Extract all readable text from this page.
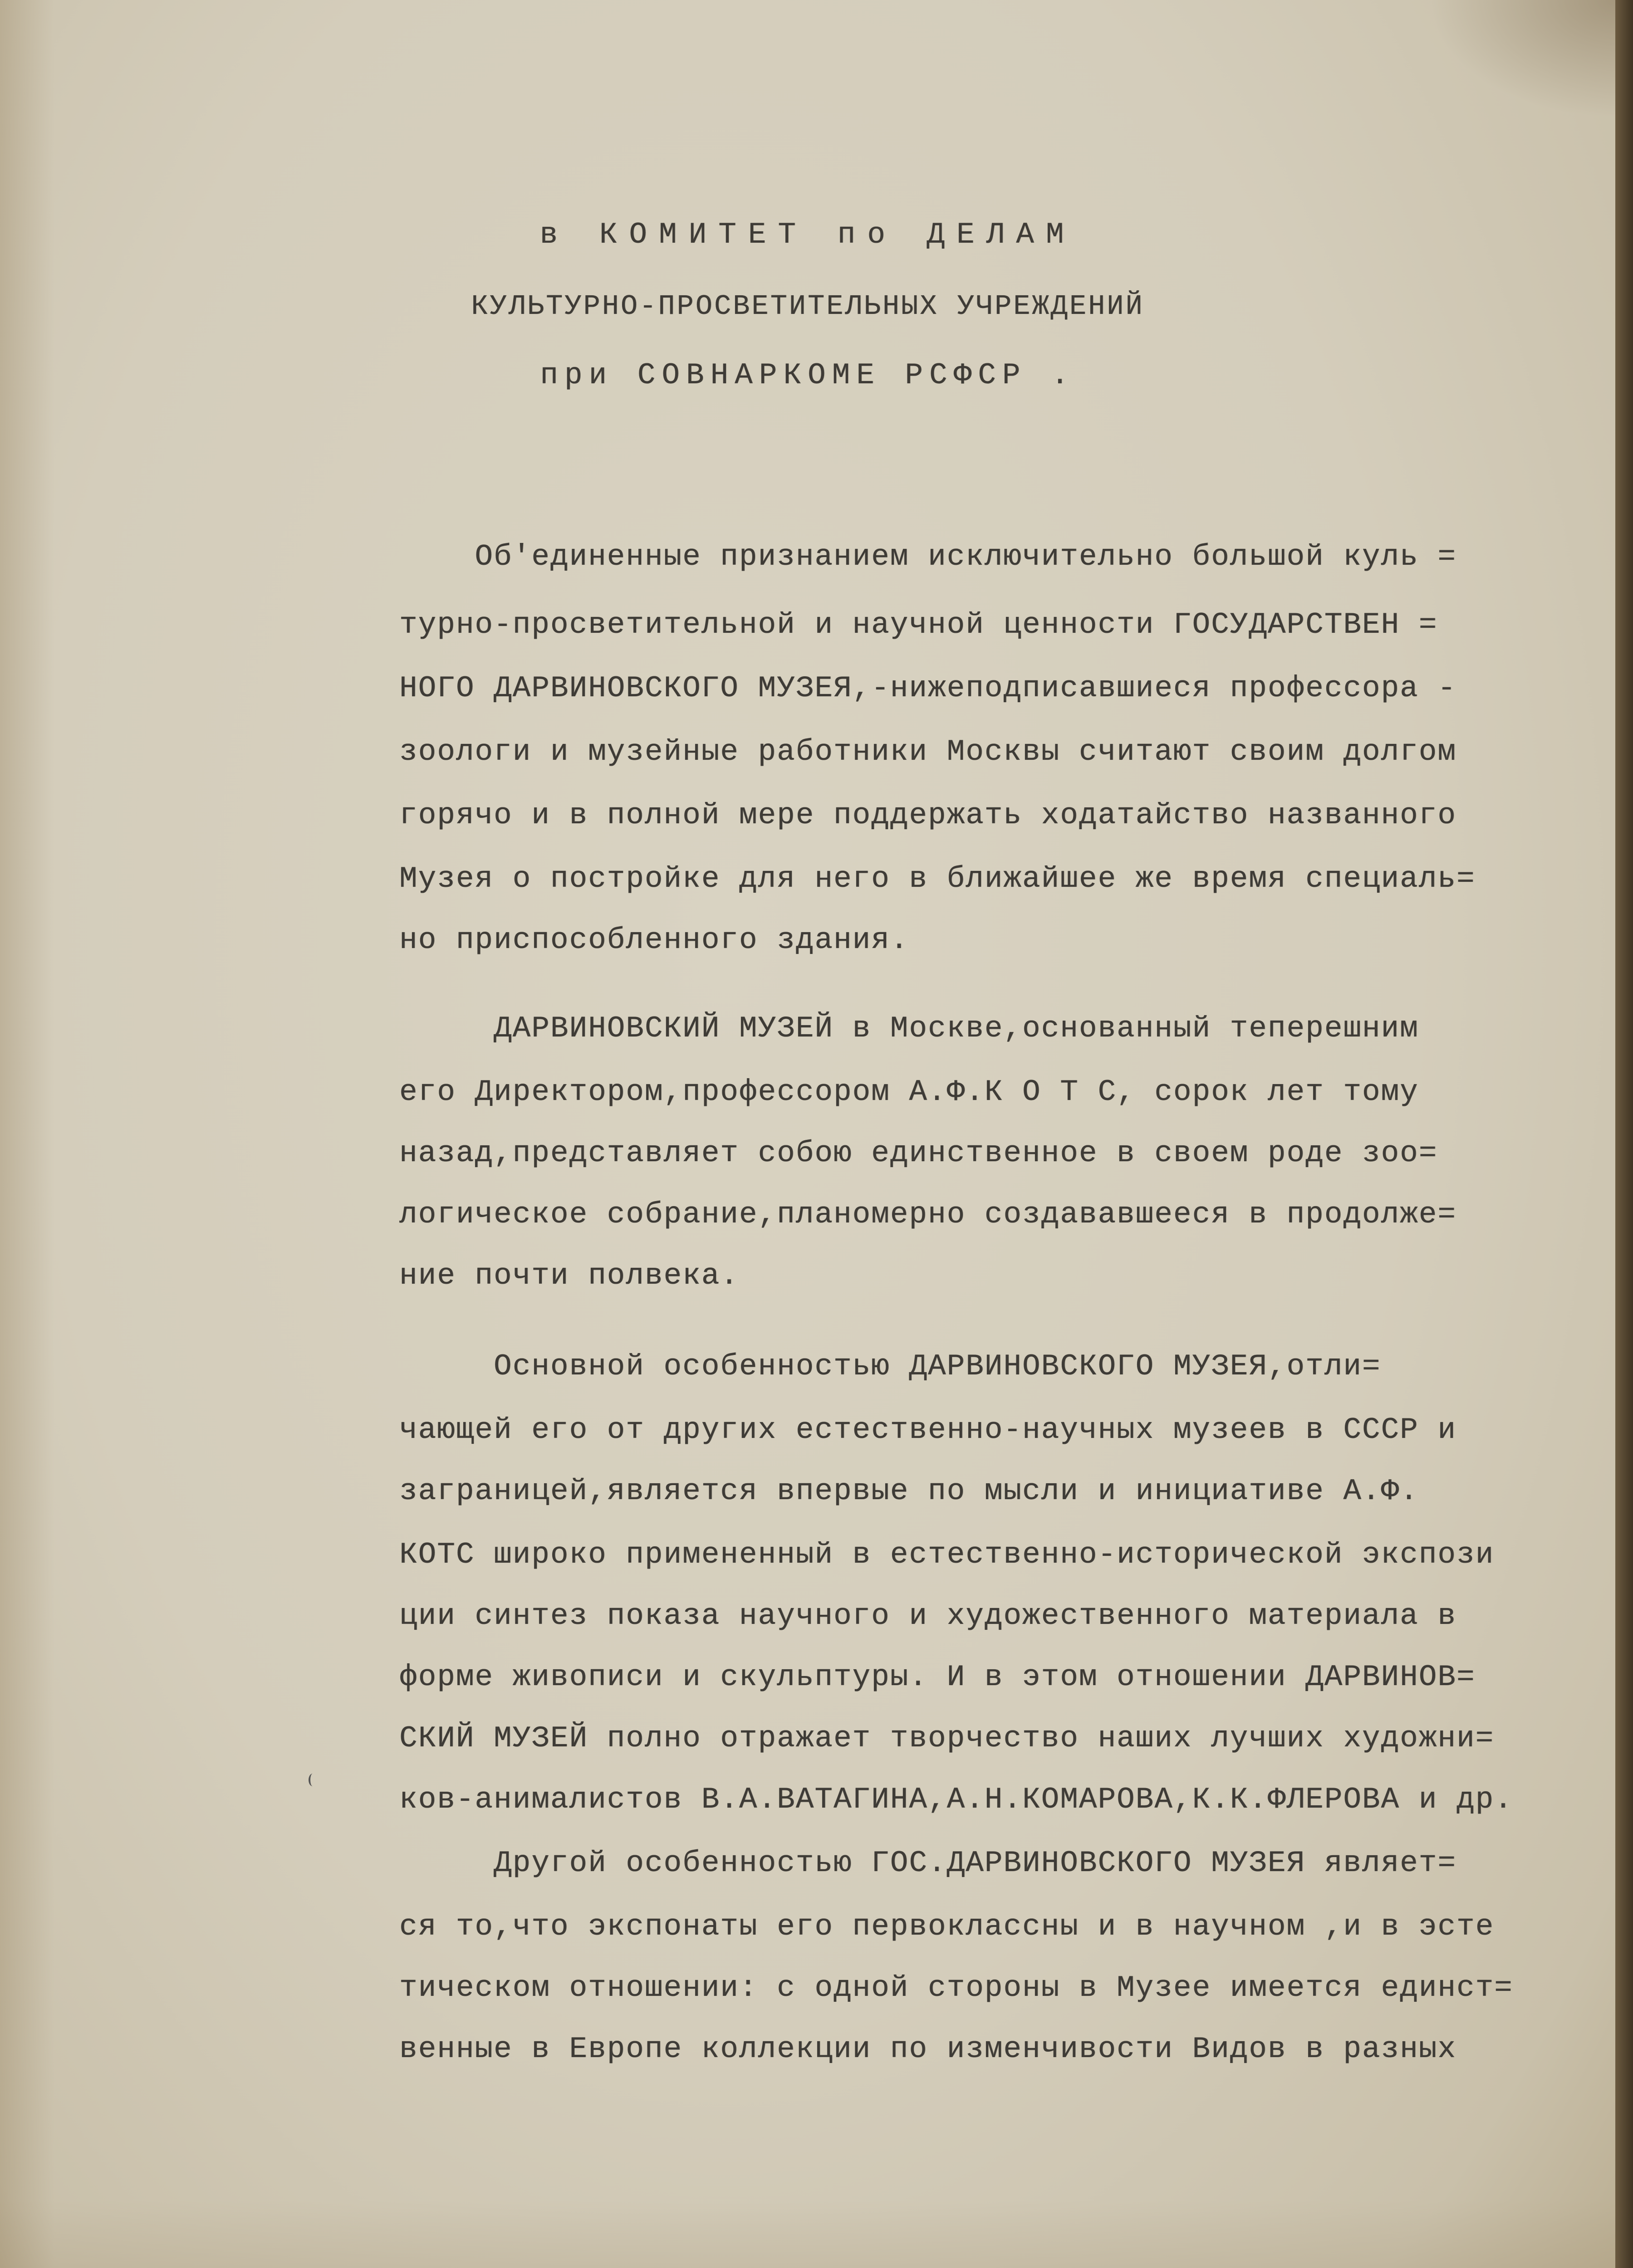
в КОМИТЕТ по ДЕЛАМ

КУЛЬТУРНО-ПРОСВЕТИТЕЛЬНЫХ УЧРЕЖДЕНИЙ

при СОВНАРКОМЕ РСФСР .

Об'единенные признанием исключительно большой куль =

турно-просветительной и научной ценности ГОСУДАРСТВЕН =

НОГО ДАРВИНОВСКОГО МУЗЕЯ,-нижеподписавшиеся профессора -

зоологи и музейные работники Москвы считают своим долгом

горячо и в полной мере поддержать ходатайство названного

Музея о постройке для него в ближайшее же время специаль=

но приспособленного здания.

ДАРВИНОВСКИЙ МУЗЕЙ в Москве,основанный теперешним

его Директором,профессором А.Ф.К О Т С, сорок лет тому

назад,представляет собою единственное в своем роде зоо=

логическое собрание,планомерно создававшееся в продолже=

ние почти полвека.

Основной особенностью ДАРВИНОВСКОГО МУЗЕЯ,отли=

чающей его от других естественно-научных музеев в СССР и

заграницей,является впервые по мысли и инициативе А.Ф.

КОТС широко примененный в естественно-исторической экспози

ции синтез показа научного и художественного материала в

форме живописи и скульптуры. И в этом отношении ДАРВИНОВ=

СКИЙ МУЗЕЙ полно отражает творчество наших лучших художни=

ков-анималистов В.А.ВАТАГИНА,А.Н.КОМАРОВА,К.К.ФЛЕРОВА и др.

Другой особенностью ГОС.ДАРВИНОВСКОГО МУЗЕЯ являет=

ся то,что экспонаты его первоклассны и в научном ,и в эсте

тическом отношении: с одной стороны в Музее имеется единст=

венные в Европе коллекции по изменчивости Видов в разных
